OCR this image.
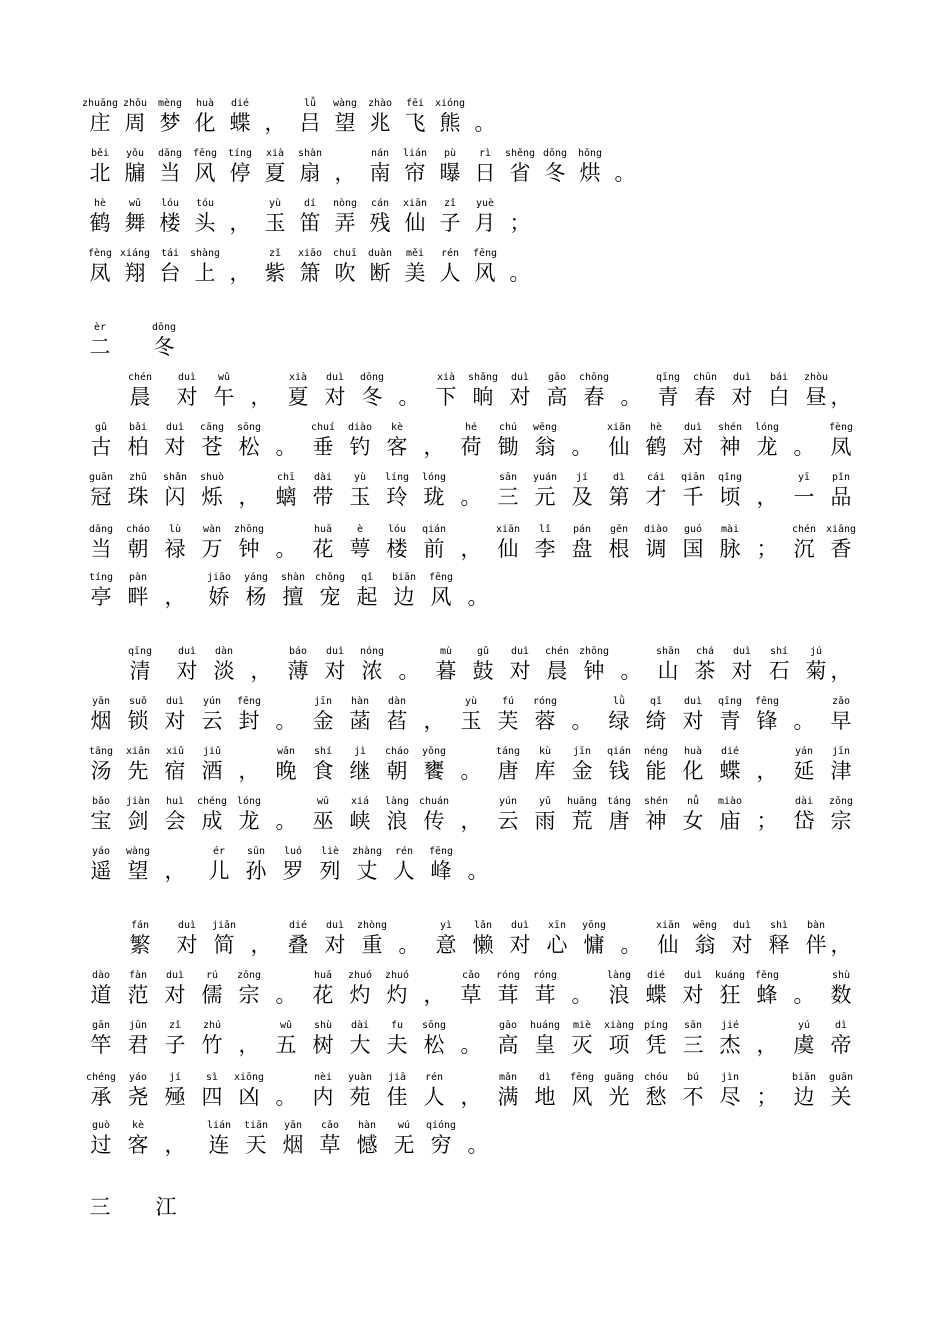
zhuāng
庄
zhōu
周
mèng
梦
huà
化
dié
蝶 ，
lǚ
吕
wàng
望
zhào
兆
fēi
飞
xióng
熊 。
běi
北
yǒu
牖
dāng
当
fēng
风
tíng
停
xià
夏
shàn
扇 ，
nán
南
lián
帘
pù
曝
rì
日
shěng
省
dōng
冬
hōng
烘 。
hè
鹤
wǔ
舞
lóu
楼
tóu
头 ，
yù
玉
dí
笛
nòng
弄
cán
残
xiān
仙
zǐ
子
yuè
月 ；
fèng
凤
xiáng
翔
tái
台
shàng
上 ，
zǐ
紫
xiāo
箫
chuī
吹
duàn
断
měi
美
rén
人
fēng
风 。
èr
二
dōng
冬
chén
晨
duì
对
wǔ
午 ，
xià
夏
duì
对
dōng
冬 。
xià
下
shǎng
晌
duì
对
gāo
高
chōng
舂 。
qīng
青
chūn
春
duì
对
bái
白
zhòu
昼 ，
gǔ
古
bǎi
柏
duì
对
cāng
苍
sōng
松 。
chuí
垂
diào
钓
kè
客 ，
hé
荷
chú
锄
wēng
翁 。
xiān
仙
hè
鹤
duì
对
shén
神
lóng
龙 。
fèng
凤
guān
冠
zhū
珠
shǎn
闪
shuò
烁 ，
chī
螭
dài
带
yù
玉
líng
玲
lóng
珑 。
sān
三
yuán
元
jí
及
dì
第
cái
才
qiān
千
qǐng
顷 ，
yī
一
pǐn
品
dāng
当
cháo
朝
lù
禄
wàn
万
zhōng
钟 。
huā
花
è
萼
lóu
楼
qián
前 ，
xiān
仙
lǐ
李
pán
盘
gēn
根
diào
调
guó
国
mài
脉 ；
chén
沉
xiāng
香
tíng
亭
pàn
畔 ，
jiāo
娇
yáng
杨
shàn
擅
chǒng
宠
qǐ
起
biān
边
fēng
风 。
qīng
清
duì
对
dàn
淡 ，
báo
薄
duì
对
nóng
浓 。
mù
暮
gǔ
鼓
duì
对
chén
晨
zhōng
钟 。
shān
山
chá
茶
duì
对
shí
石
jú
菊 ，
yān
烟
suǒ
锁
duì
对
yún
云
fēng
封 。
jīn
金
hàn
菡
dàn
萏 ，
yù
玉
fú
芙
róng
蓉 。
lǜ
绿
qǐ
绮
duì
对
qīng
青
fēng
锋 。
zǎo
早
tāng
汤
xiān
先
xiǔ
宿
jiǔ
酒 ，
wǎn
晚
shí
食
jì
继
cháo
朝
yōng
饔 。
táng
唐
kù
库
jīn
金
qián
钱
néng
能
huà
化
dié
蝶 ，
yán
延
jīn
津
bǎo
宝
jiàn
剑
huì
会
chéng
成
lóng
龙 。
wū
巫
xiá
峡
làng
浪
chuán
传 ，
yún
云
yǔ
雨
huāng
荒
táng
唐
shén
神
nǚ
女
miào
庙 ；
dài
岱
zōng
宗
yáo
遥
wàng
望 ，
ér
儿
sūn
孙
luó
罗
liè
列
zhàng
丈
rén
人
fēng
峰 。
fán
繁
duì
对
jiǎn
简 ，
dié
叠
duì
对
zhòng
重 。
yì
意
lǎn
懒
duì
对
xīn
心
yōng
慵 。
xiān
仙
wēng
翁
duì
对
shì
释
bàn
伴 ，
dào
道
fàn
范
duì
对
rú
儒
zōng
宗 。
huā
花
zhuó
灼
zhuó
灼 ，
cǎo
草
róng
茸
róng
茸 。
làng
浪
dié
蝶
duì
对
kuáng
狂
fēng
蜂 。
shù
数
gān
竿
jūn
君
zǐ
子
zhú
竹 ，
wǔ
五
shù
树
dài
大
fu
夫
sōng
松 。
gāo
高
huáng
皇
miè
灭
xiàng
项
píng
凭
sān
三
jié
杰 ，
yú
虞
dì
帝
chéng
承
yáo
尧
jí
殛
sì
四
xiōng
凶 。
nèi
内
yuàn
苑
jiā
佳
rén
人 ，
mǎn
满
dì
地
fēng
风
guāng
光
chóu
愁
bú
不
jìn
尽 ；
biān
边
guān
关
guò
过
kè
客 ，
lián
连
tiān
天
yān
烟
cǎo
草
hàn
憾
wú
无
qióng
穷 。
三 江
